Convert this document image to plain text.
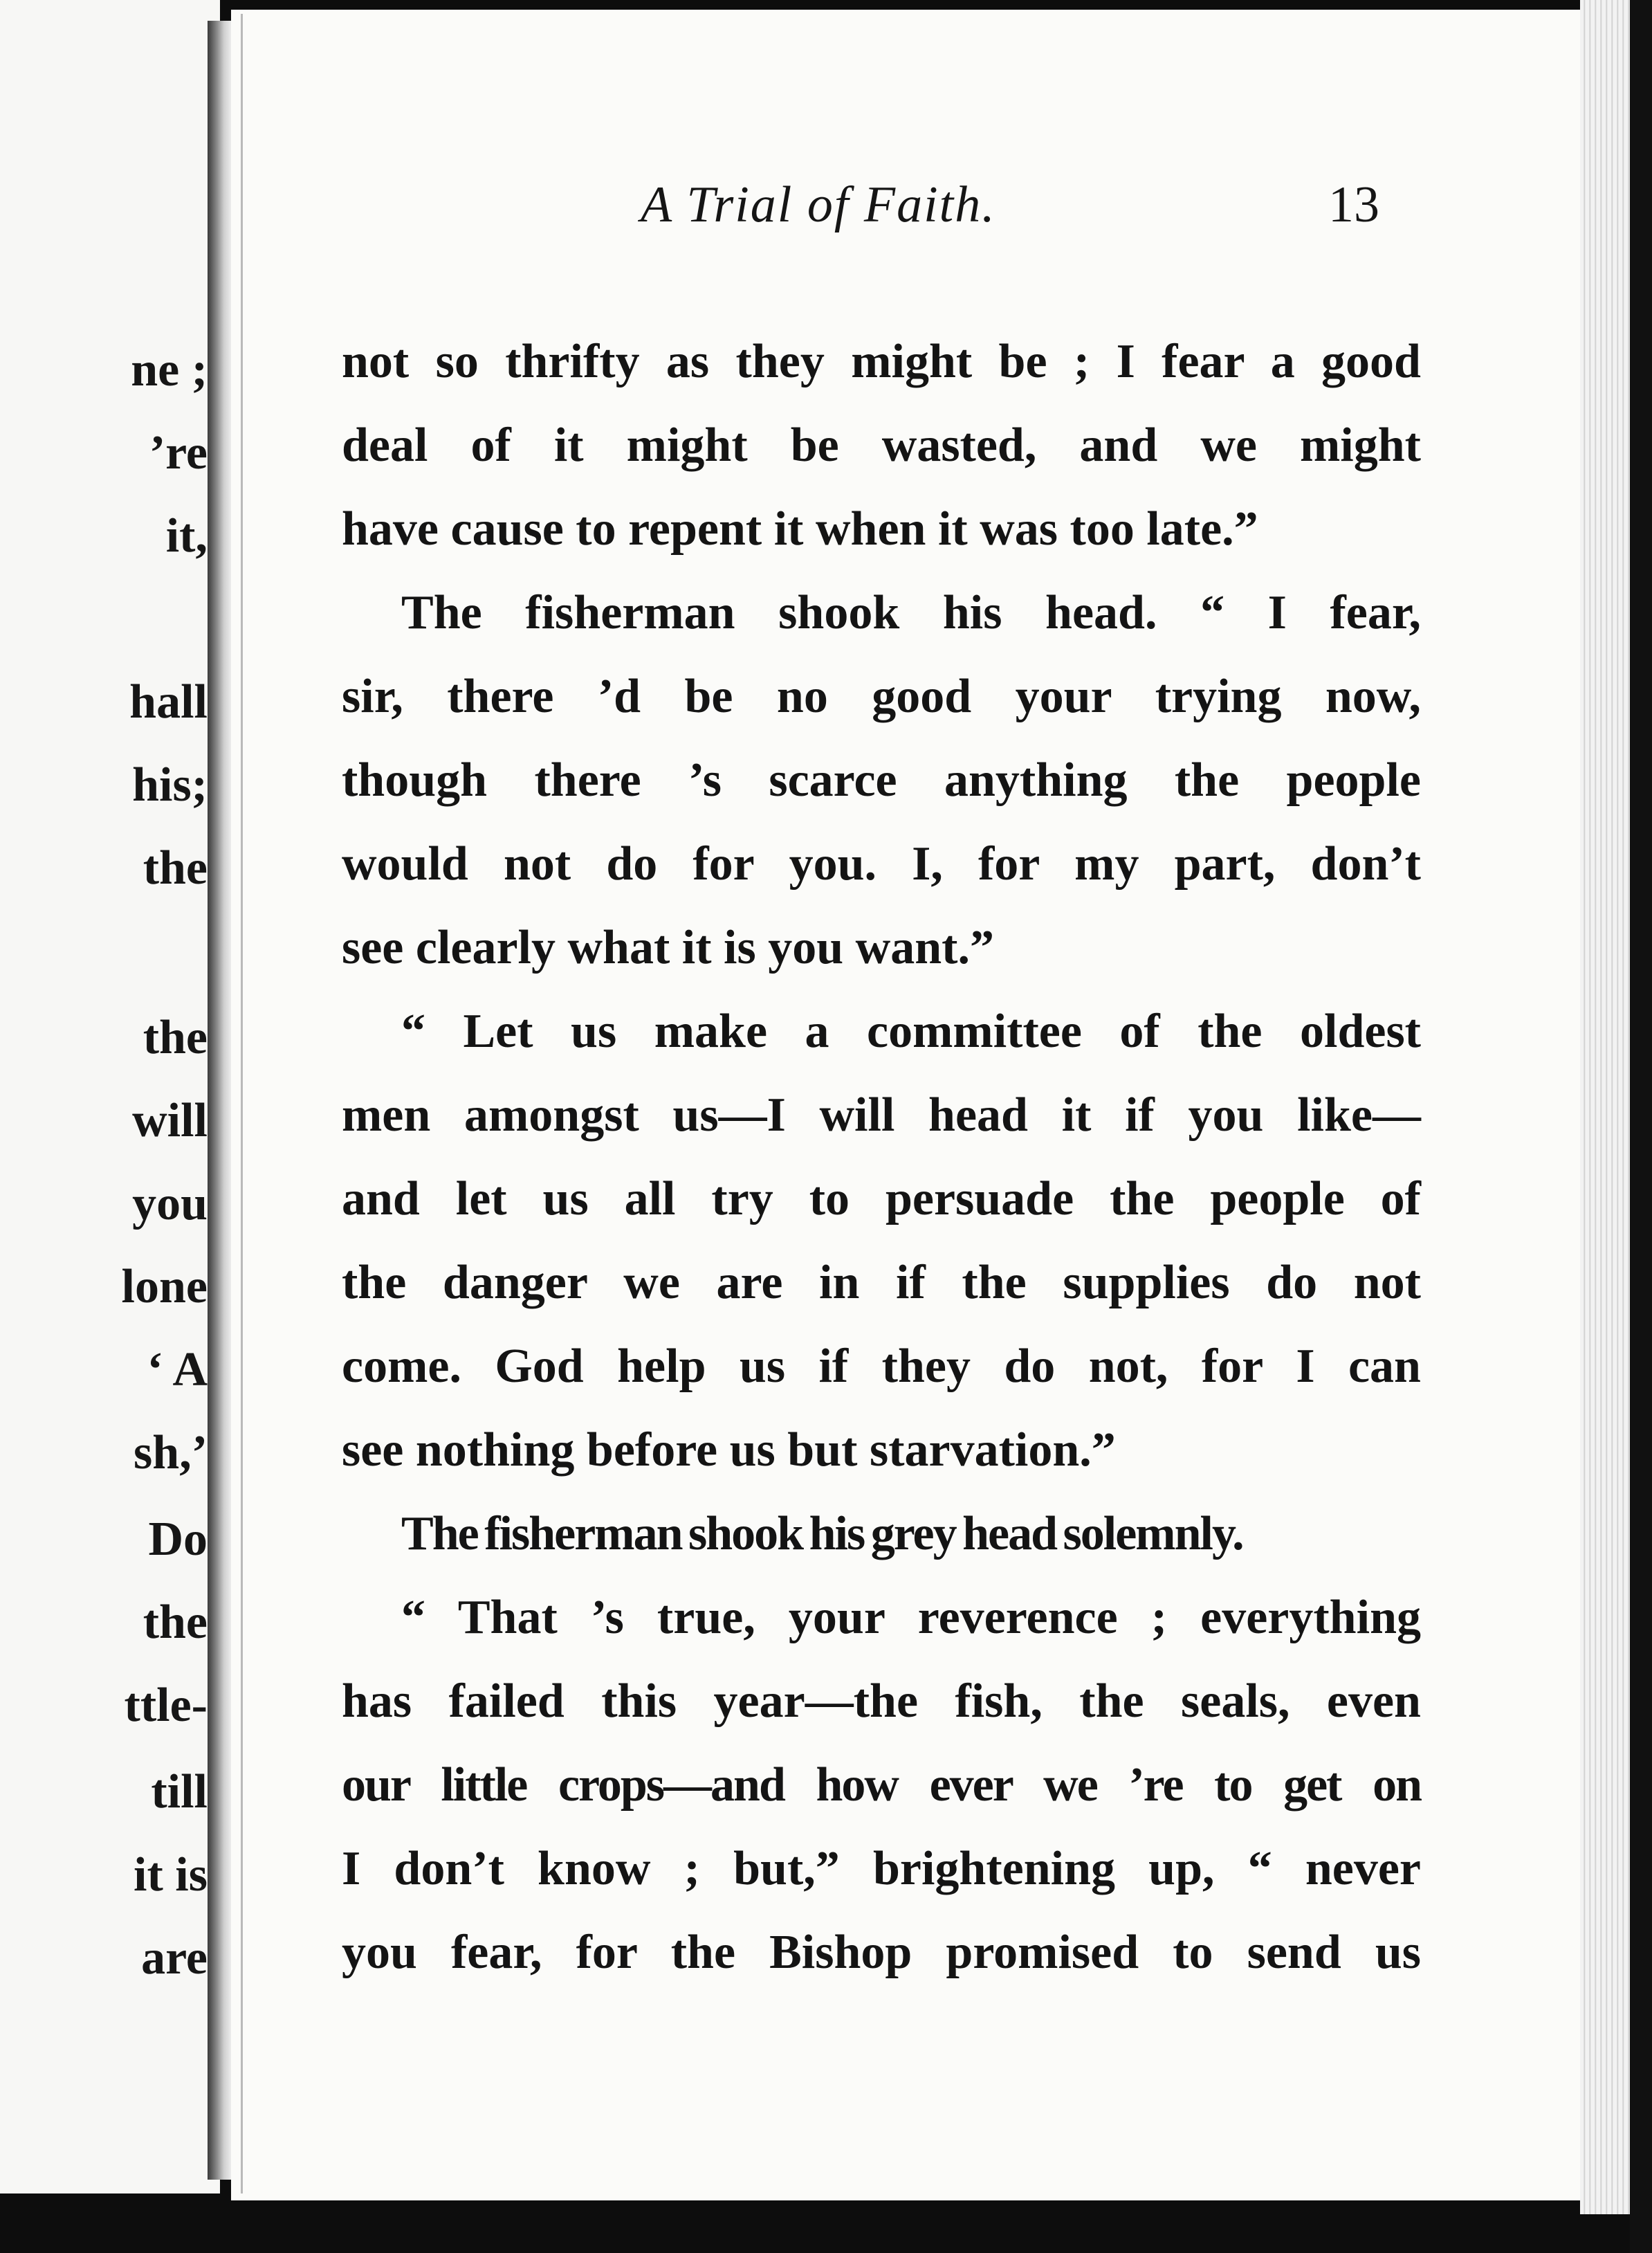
ne ;
’re
it,
hall
his;
the
the
will
you
lone
‘ A
sh,’
Do
the
ttle-
till
it is
are
A Trial of Faith.	13
not so thrifty as they might be ; I fear a good
deal of it might be wasted, and we might
have cause to repent it when it was too late.”
The fisherman shook his head. “ I fear,
sir, there ’d be no good your trying now,
though there ’s scarce anything the people
would not do for you. I, for my part, don’t
see clearly what it is you want.”
“ Let us make a committee of the oldest
men amongst us—I will head it if you like—
and let us all try to persuade the people of
the danger we are in if the supplies do not
come. God help us if they do not, for I can
see nothing before us but starvation.”
The fisherman shook his grey head solemnly.
“ That ’s true, your reverence ; everything
has failed this year—the fish, the seals, even
our little crops—and how ever we ’re to get on
I don’t know ; but,” brightening up, “ never
you fear, for the Bishop promised to send us
